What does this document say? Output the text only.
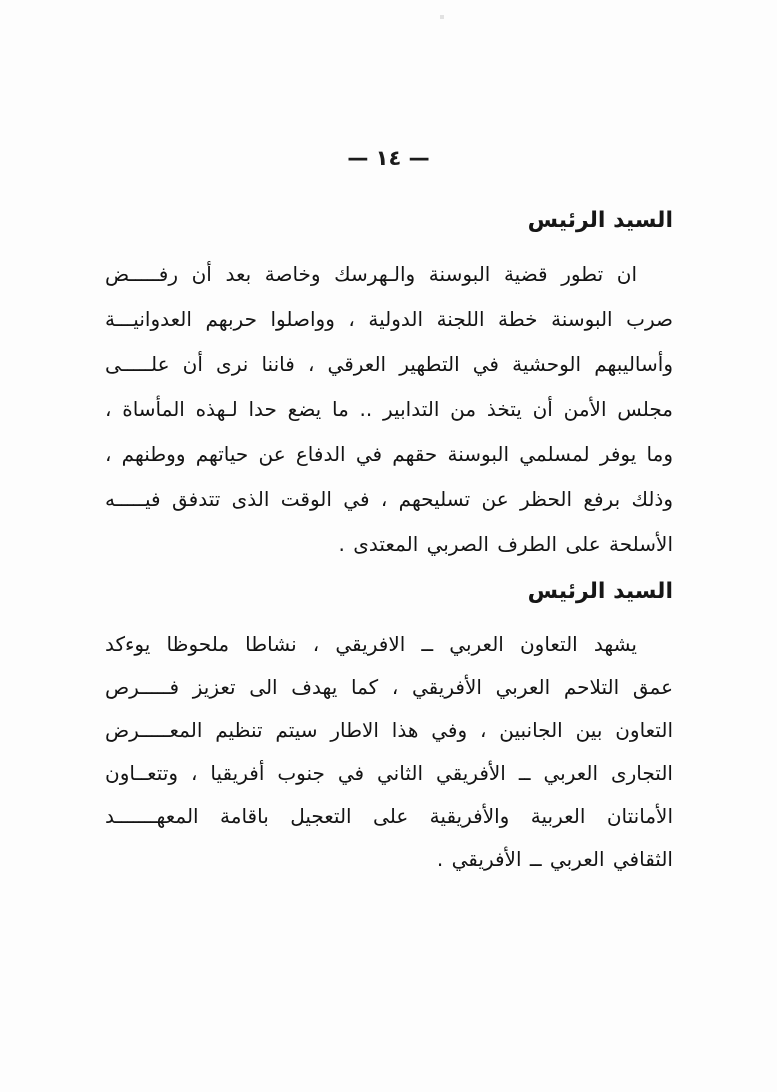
— ١٤ —
السيد الرئيس
ان تطور قضية البوسنة والـهرسك وخاصة بعد أن رفـــــض
صرب البوسنة خطة اللجنة الدولية ، وواصلوا حربهم العدوانيـــة
وأساليبهم الوحشية في التطهير العرقي ، فاننا نرى أن علـــــى
مجلس الأمن أن يتخذ من التدابير .. ما يضع حدا لـهذه المأساة ،
وما يوفر لمسلمي البوسنة حقهم في الدفاع عن حياتهم ووطنهم ،
وذلك برفع الحظر عن تسليحهم ، في الوقت الذى تتدفق فيـــــه
الأسلحة على الطرف الصربي المعتدى .
السيد الرئيس
يشهد التعاون العربي ــ الافريقي ، نشاطا ملحوظا يوءكد
عمق التلاحم العربي الأفريقي ، كما يهدف الى تعزيز فـــــرص
التعاون بين الجانبين ، وفي هذا الاطار سيتم تنظيم المعـــــرض
التجارى العربي ــ الأفريقي الثاني في جنوب أفريقيا ، وتتعــاون
الأمانتان العربية والأفريقية على التعجيل باقامة المعهـــــــد
الثقافي العربي ــ الأفريقي .
